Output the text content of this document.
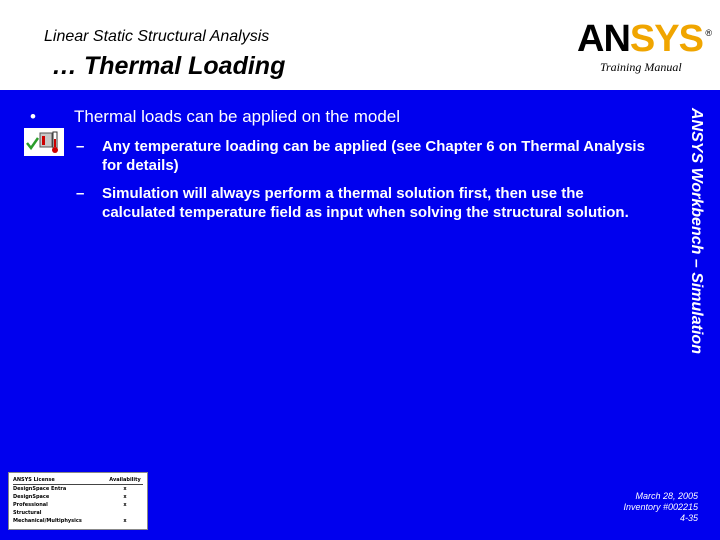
Linear Static Structural Analysis
… Thermal Loading
ANSYS ®
Training Manual
• Thermal loads can be applied on the model
– Any temperature loading can be applied (see Chapter 6 on Thermal Analysis for details)
– Simulation will always perform a thermal solution first, then use the calculated temperature field as input when solving the structural solution.	ANSYS Workbench – Simulation
ANSYS License	Availability
DesignSpace Entra	x
DesignSpace	x
Professional	x
Structural	
Mechanical/Multiphysics	x
March 28, 2005
Inventory #002215
4-35
